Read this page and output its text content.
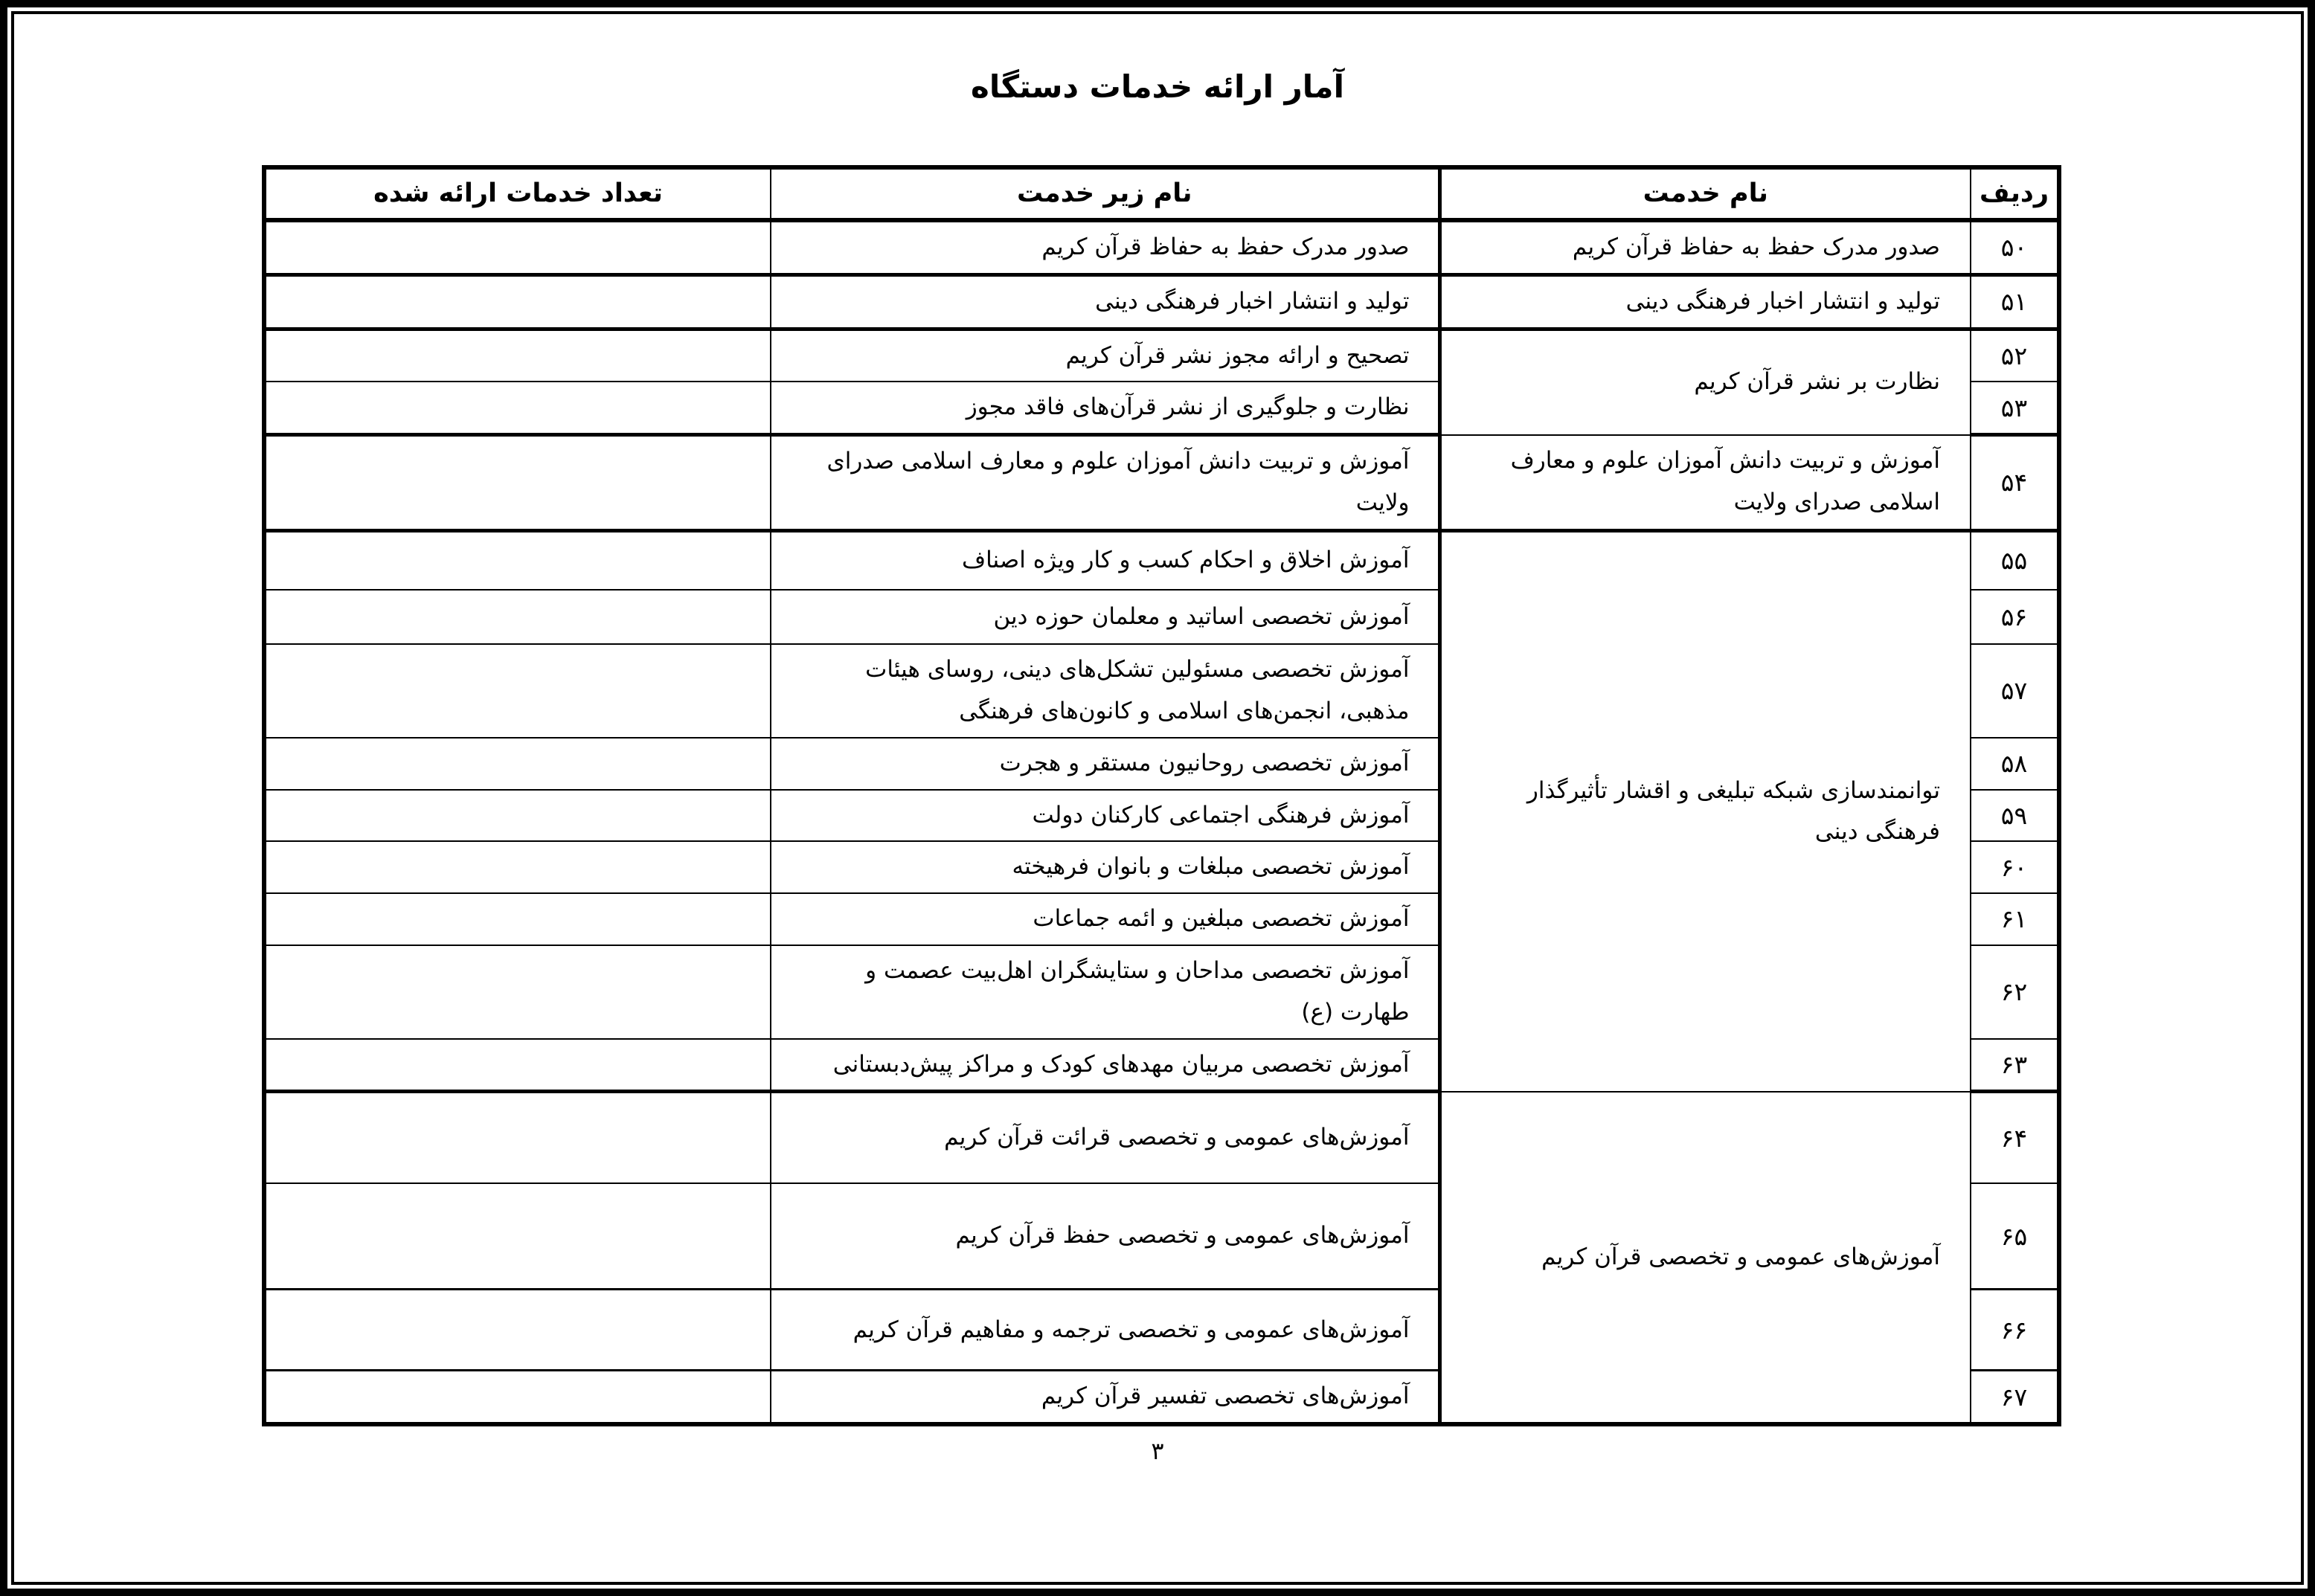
آمار ارائه خدمات دستگاه
ردیف	نام خدمت	نام زیر خدمت	تعداد خدمات ارائه شده
۵۰	صدور مدرک حفظ به حفاظ قرآن کریم	صدور مدرک حفظ به حفاظ قرآن کریم	
۵۱	تولید و انتشار اخبار فرهنگی دینی	تولید و انتشار اخبار فرهنگی دینی	
۵۲	نظارت بر نشر قرآن کریم	تصحیح و ارائه مجوز نشر قرآن کریم	
۵۳		نظارت و جلوگیری از نشر قرآن‌های فاقد مجوز	
۵۴	آموزش و تربیت دانش آموزان علوم و معارف اسلامی صدرای ولایت	آموزش و تربیت دانش آموزان علوم و معارف اسلامی صدرای ولایت	
۵۵	توانمندسازی شبکه تبلیغی و اقشار تأثیرگذار فرهنگی دینی	آموزش اخلاق و احکام کسب و کار ویژه اصناف	
۵۶		آموزش تخصصی اساتید و معلمان حوزه دین	
۵۷		آموزش تخصصی مسئولین تشکل‌های دینی، روسای هیئات مذهبی، انجمن‌های اسلامی و کانون‌های فرهنگی	
۵۸		آموزش تخصصی روحانیون مستقر و هجرت	
۵۹		آموزش فرهنگی اجتماعی کارکنان دولت	
۶۰		آموزش تخصصی مبلغات و بانوان فرهیخته	
۶۱		آموزش تخصصی مبلغین و ائمه جماعات	
۶۲		آموزش تخصصی مداحان و ستایشگران اهل‌بیت عصمت و طهارت (ع)	
۶۳		آموزش تخصصی مربیان مهدهای کودک و مراکز پیش‌دبستانی	
۶۴	آموزش‌های عمومی و تخصصی قرآن کریم	آموزش‌های عمومی و تخصصی قرائت قرآن کریم	
۶۵		آموزش‌های عمومی و تخصصی حفظ قرآن کریم	
۶۶		آموزش‌های عمومی و تخصصی ترجمه و مفاهیم قرآن کریم	
۶۷		آموزش‌های تخصصی تفسیر قرآن کریم	
۳
